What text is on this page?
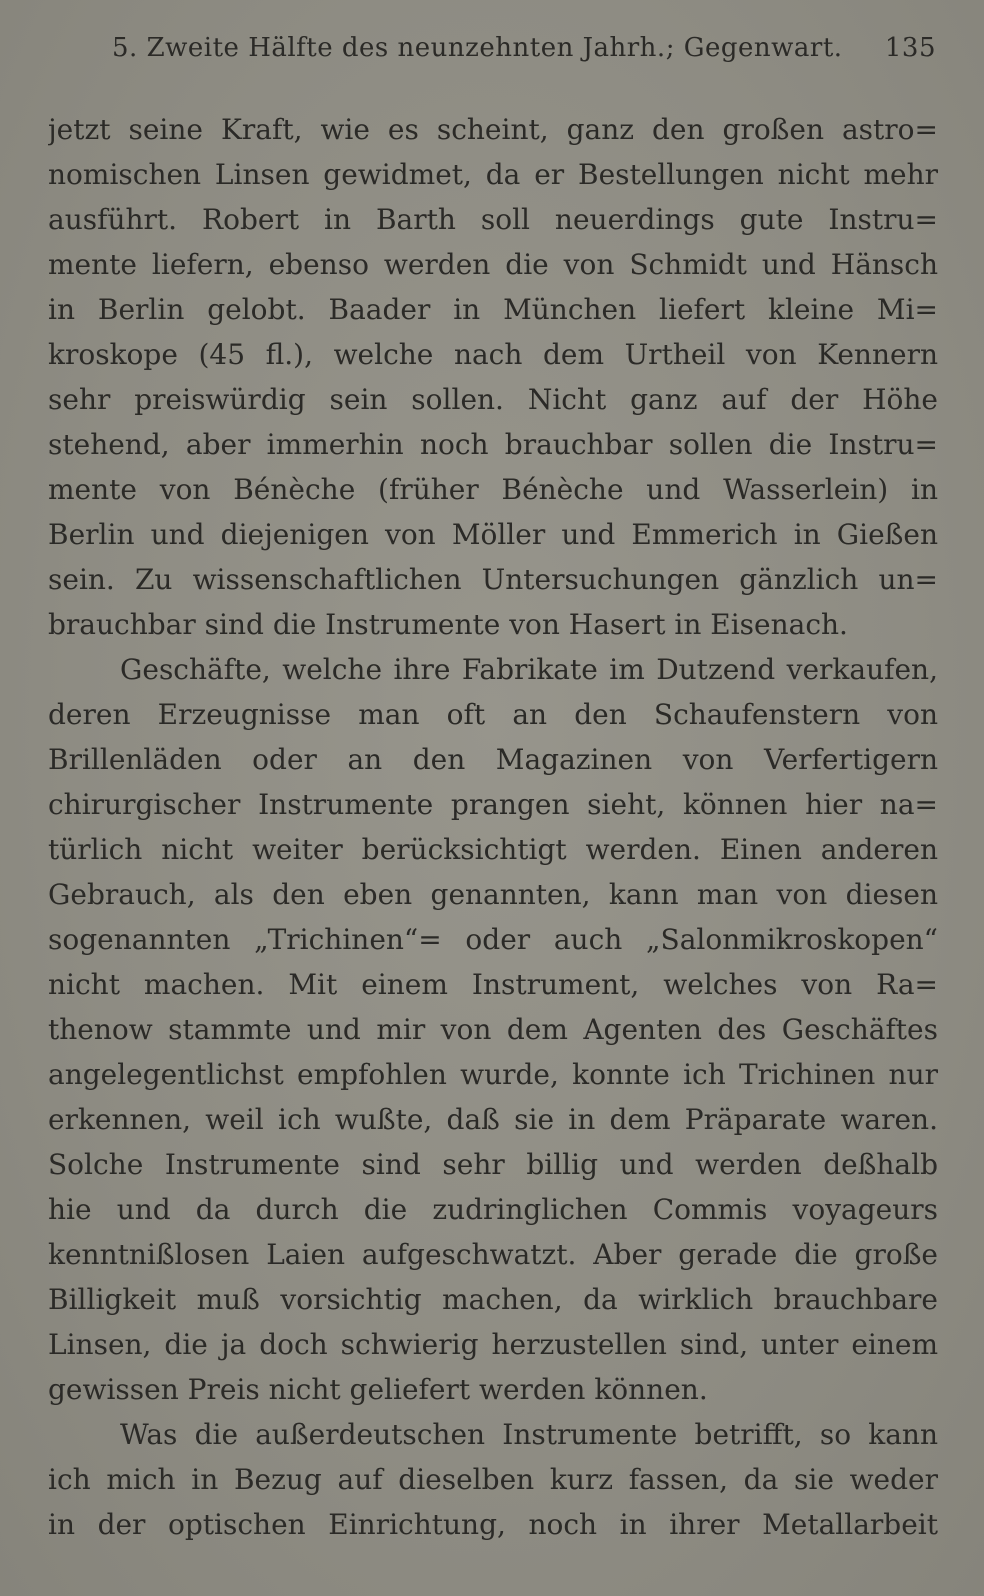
5. Zweite Hälfte des neunzehnten Jahrh.; Gegenwart. 135
jetzt seine Kraft, wie es scheint, ganz den großen astro=
nomischen Linsen gewidmet, da er Bestellungen nicht mehr
ausführt. Robert in Barth soll neuerdings gute Instru=
mente liefern, ebenso werden die von Schmidt und Hänsch
in Berlin gelobt. Baader in München liefert kleine Mi=
kroskope (45 fl.), welche nach dem Urtheil von Kennern
sehr preiswürdig sein sollen. Nicht ganz auf der Höhe
stehend, aber immerhin noch brauchbar sollen die Instru=
mente von Bénèche (früher Bénèche und Wasserlein) in
Berlin und diejenigen von Möller und Emmerich in Gießen
sein. Zu wissenschaftlichen Untersuchungen gänzlich un=
brauchbar sind die Instrumente von Hasert in Eisenach.
Geschäfte, welche ihre Fabrikate im Dutzend verkaufen,
deren Erzeugnisse man oft an den Schaufenstern von
Brillenläden oder an den Magazinen von Verfertigern
chirurgischer Instrumente prangen sieht, können hier na=
türlich nicht weiter berücksichtigt werden. Einen anderen
Gebrauch, als den eben genannten, kann man von diesen
sogenannten „Trichinen“= oder auch „Salonmikroskopen“
nicht machen. Mit einem Instrument, welches von Ra=
thenow stammte und mir von dem Agenten des Geschäftes
angelegentlichst empfohlen wurde, konnte ich Trichinen nur
erkennen, weil ich wußte, daß sie in dem Präparate waren.
Solche Instrumente sind sehr billig und werden deßhalb
hie und da durch die zudringlichen Commis voyageurs
kenntnißlosen Laien aufgeschwatzt. Aber gerade die große
Billigkeit muß vorsichtig machen, da wirklich brauchbare
Linsen, die ja doch schwierig herzustellen sind, unter einem
gewissen Preis nicht geliefert werden können.
Was die außerdeutschen Instrumente betrifft, so kann
ich mich in Bezug auf dieselben kurz fassen, da sie weder
in der optischen Einrichtung, noch in ihrer Metallarbeit
